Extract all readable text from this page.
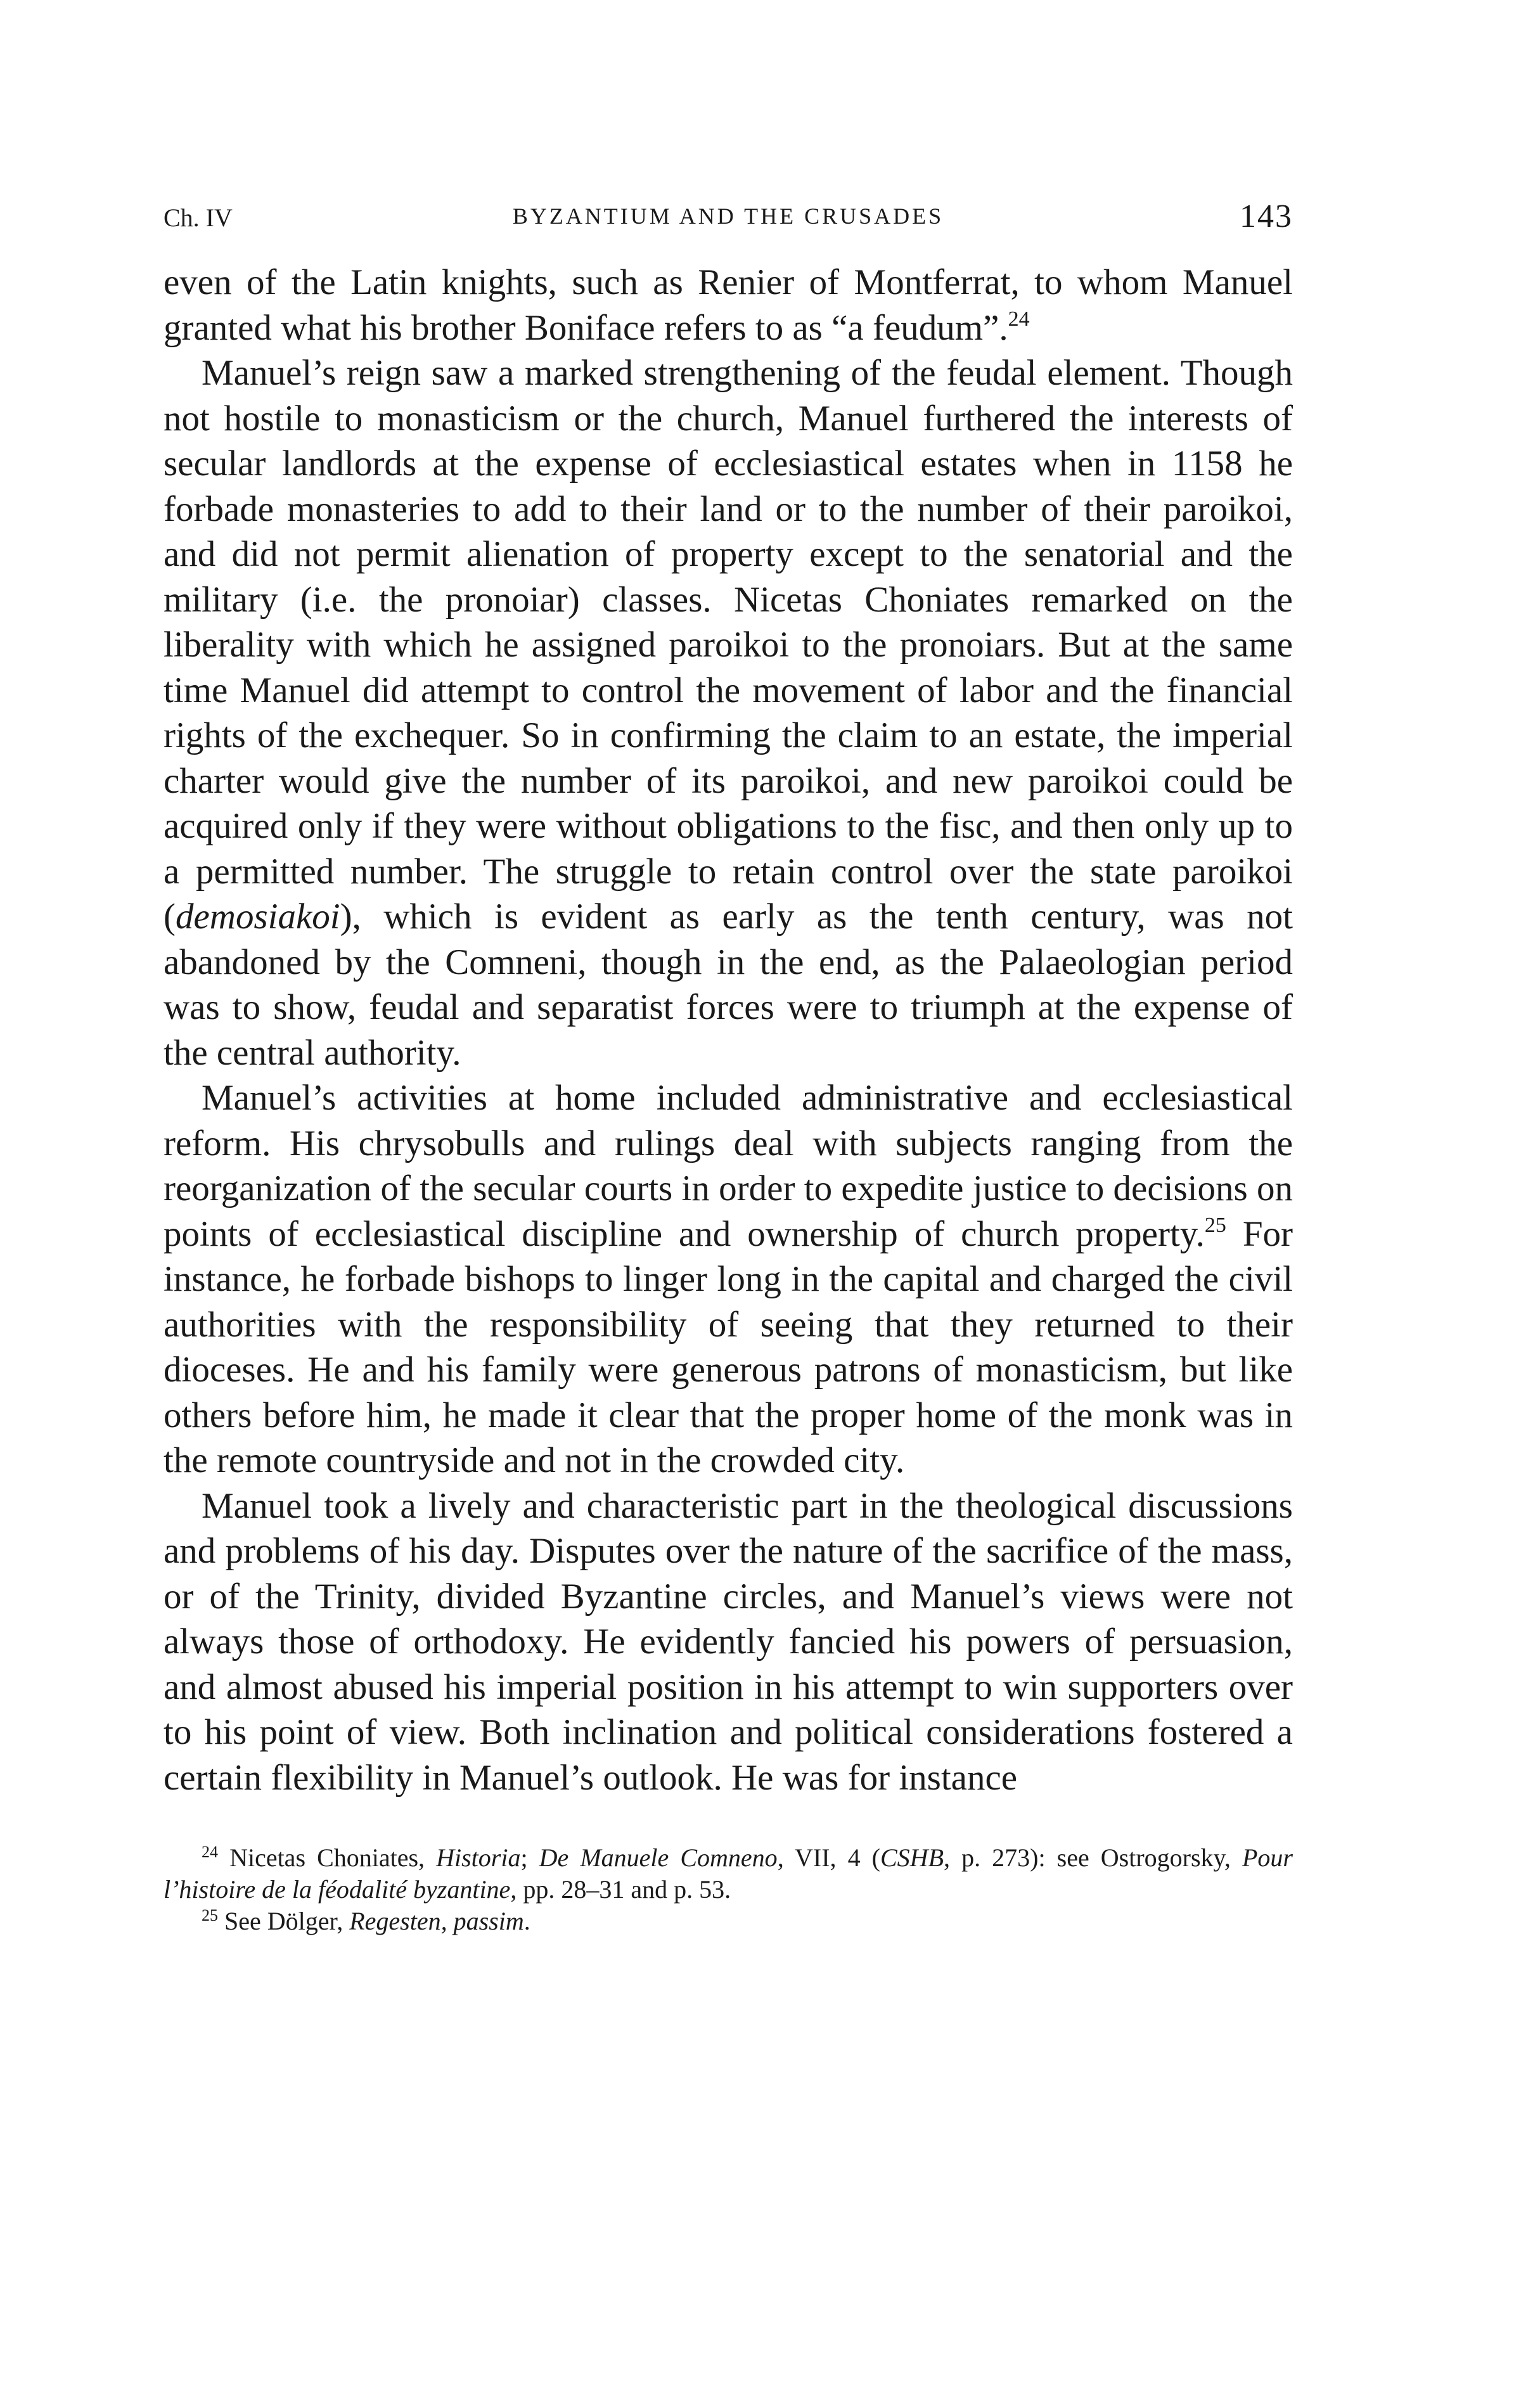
Ch. IV	BYZANTIUM AND THE CRUSADES	143

even of the Latin knights, such as Renier of Montferrat, to whom Manuel granted what his brother Boniface refers to as “a feudum”.$^{24}$

Manuel’s reign saw a marked strengthening of the feudal element. Though not hostile to monasticism or the church, Manuel furthered the interests of secular landlords at the expense of ecclesiastical estates when in 1158 he forbade monasteries to add to their land or to the number of their paroikoi, and did not permit alienation of property except to the senatorial and the military (i.e. the pronoiar) classes. Nicetas Choniates remarked on the liberality with which he assigned paroikoi to the pronoiars. But at the same time Manuel did attempt to control the movement of labor and the financial rights of the exchequer. So in confirming the claim to an estate, the imperial charter would give the number of its paroikoi, and new paroikoi could be acquired only if they were without obligations to the fisc, and then only up to a permitted number. The struggle to retain control over the state paroikoi (demosiakoi), which is evident as early as the tenth century, was not abandoned by the Comneni, though in the end, as the Palaeologian period was to show, feudal and separatist forces were to triumph at the expense of the central authority.

Manuel’s activities at home included administrative and ecclesiastical reform. His chrysobulls and rulings deal with subjects ranging from the reorganization of the secular courts in order to expedite justice to decisions on points of ecclesiastical discipline and ownership of church property.$^{25}$ For instance, he forbade bishops to linger long in the capital and charged the civil authorities with the responsibility of seeing that they returned to their dioceses. He and his family were generous patrons of monasticism, but like others before him, he made it clear that the proper home of the monk was in the remote countryside and not in the crowded city.

Manuel took a lively and characteristic part in the theological discussions and problems of his day. Disputes over the nature of the sacrifice of the mass, or of the Trinity, divided Byzantine circles, and Manuel’s views were not always those of orthodoxy. He evidently fancied his powers of persuasion, and almost abused his imperial position in his attempt to win supporters over to his point of view. Both inclination and political considerations fostered a certain flexibility in Manuel’s outlook. He was for instance

$^{24}$ Nicetas Choniates, Historia; De Manuele Comneno, VII, 4 (CSHB, p. 273): see Ostrogorsky, Pour l’histoire de la féodalité byzantine, pp. 28–31 and p. 53.

$^{25}$ See Dölger, Regesten, passim.
